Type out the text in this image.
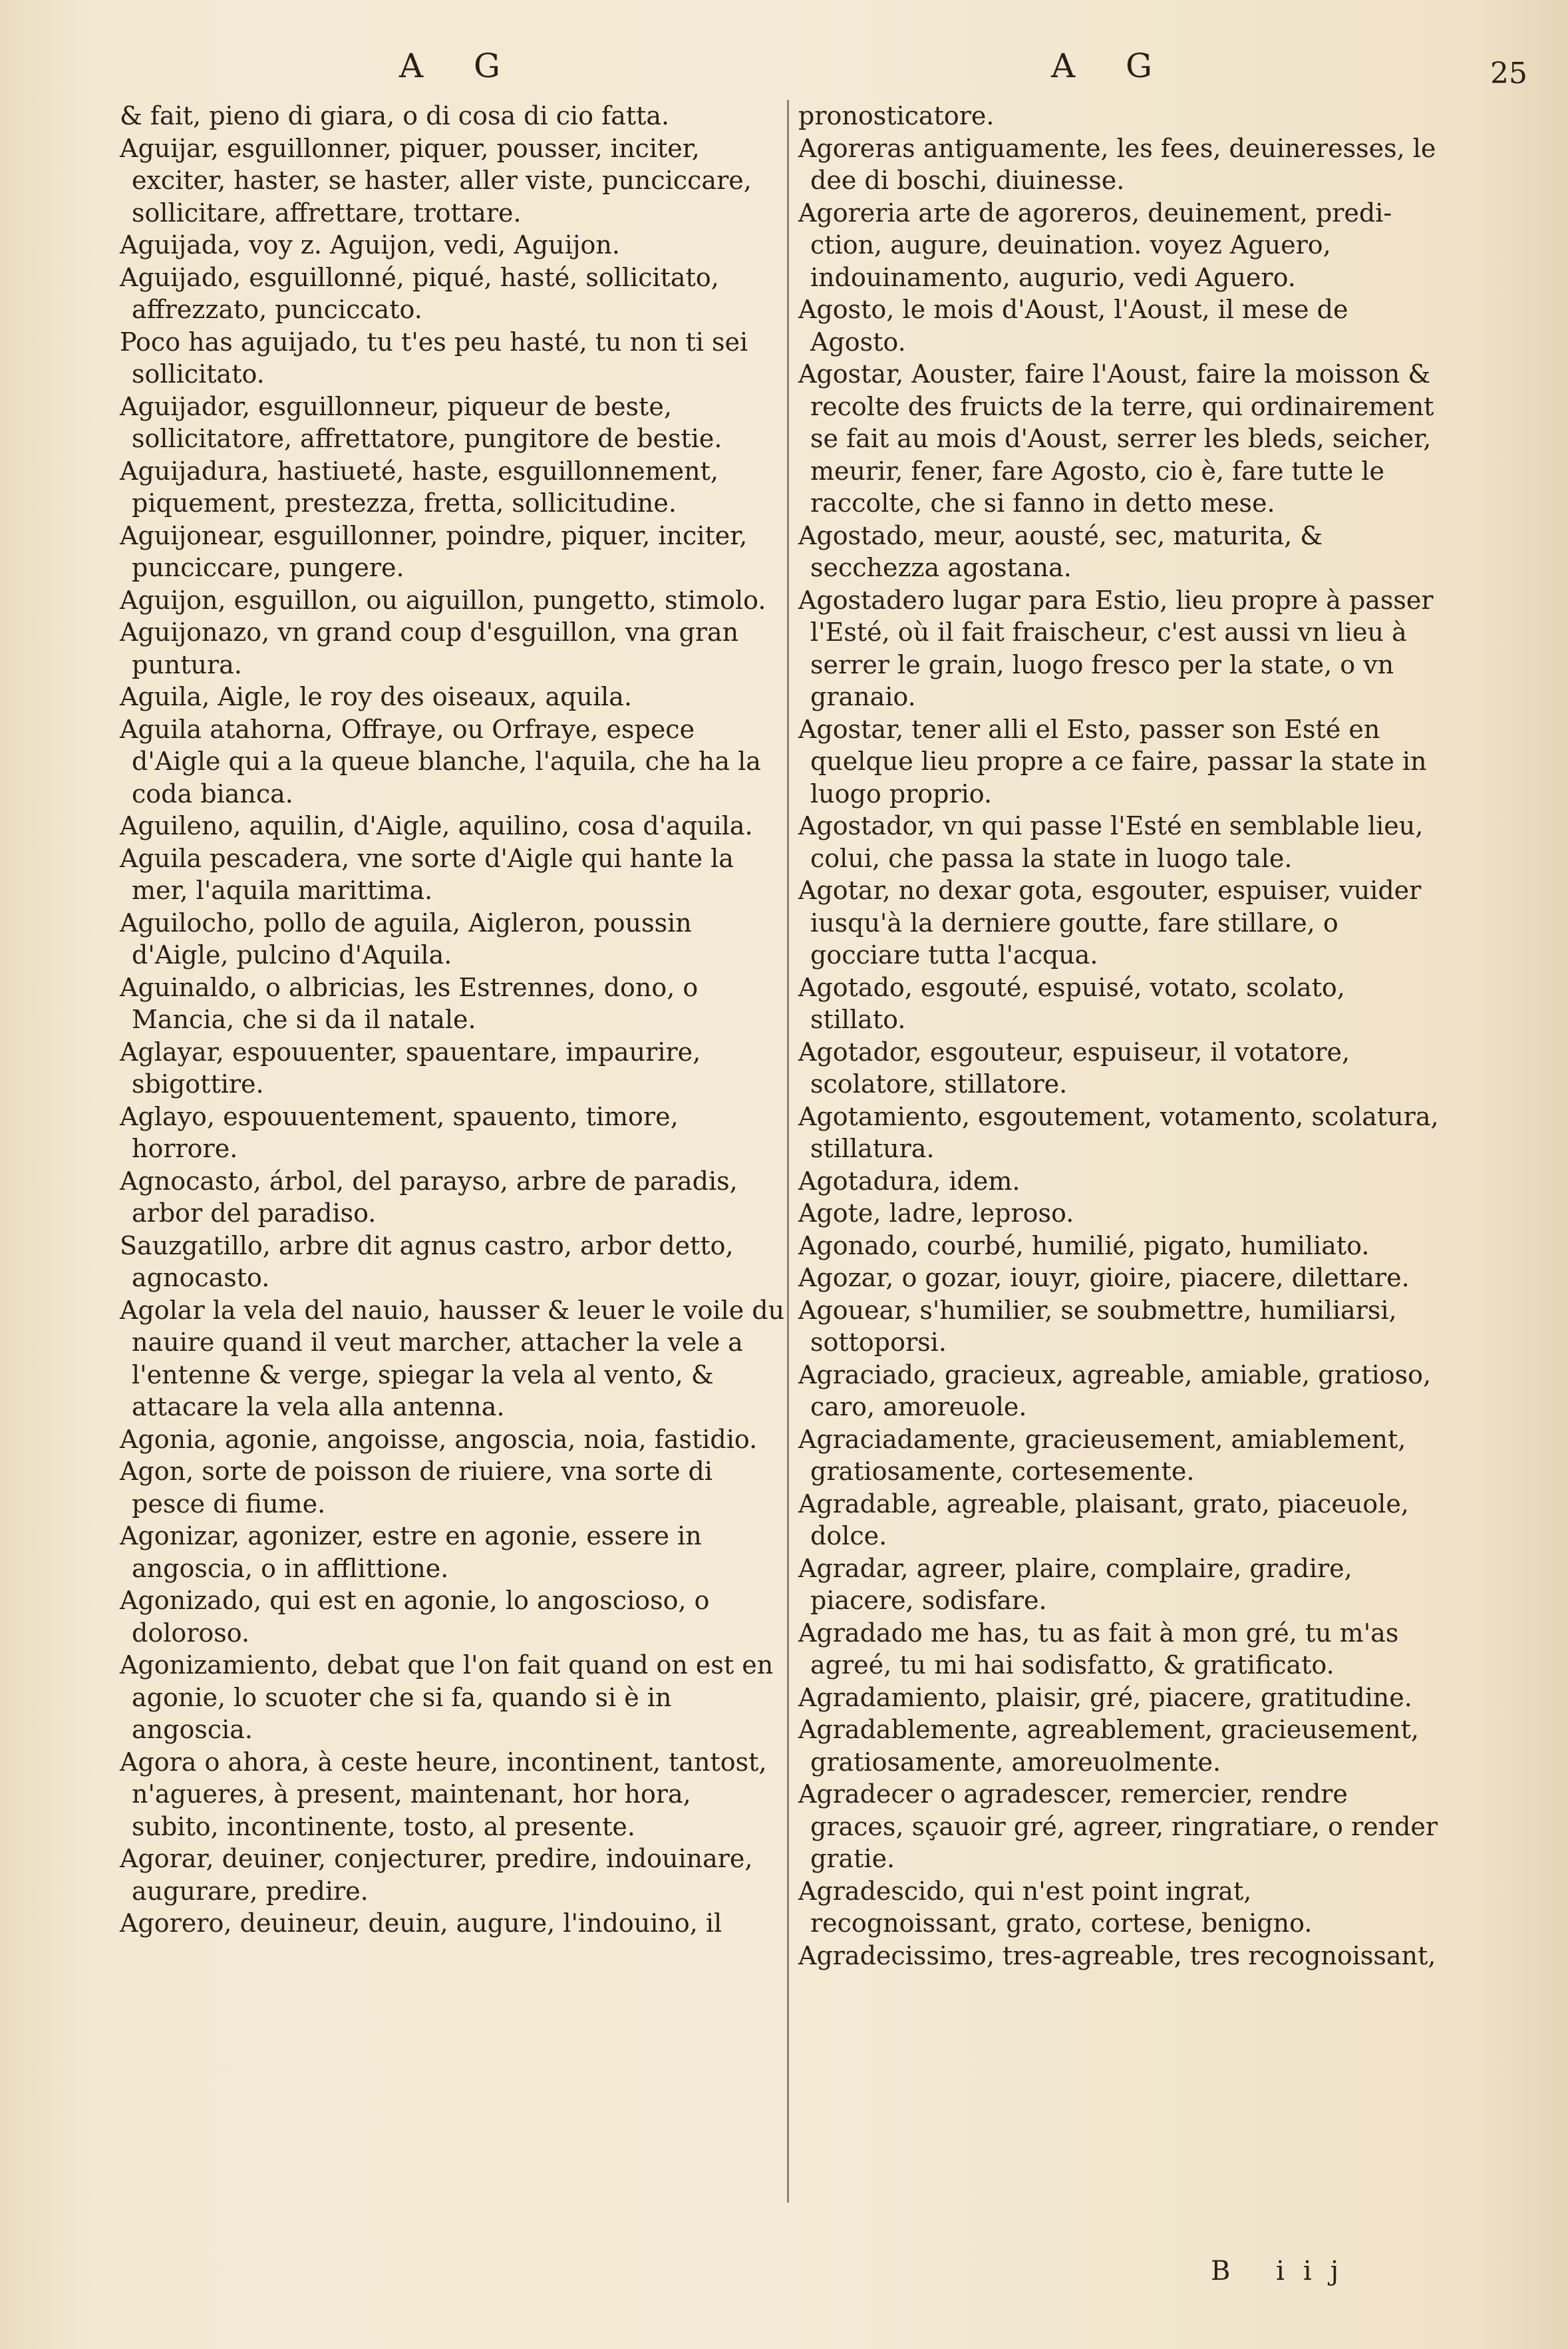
A G	A G	25

& fait, pieno di giara, o di cosa di cio fatta.

Aguijar, esguillonner, piquer, pousser, inciter, exciter, haster, se haster, aller viste, punciccare, sollicitare, affrettare, trottare.

Aguijada, voy z. Aguijon, vedi, Aguijon.

Aguijado, esguillonné, piqué, hasté, sollicitato, affrezzato, punciccato.

Poco has aguijado, tu t'es peu hasté, tu non ti sei sollicitato.

Aguijador, esguillonneur, piqueur de beste, sollicitatore, affrettatore, pungitore de bestie.

Aguijadura, hastiueté, haste, esguillonnement, piquement, prestezza, fretta, sollicitudine.

Aguijonear, esguillonner, poindre, piquer, inciter, punciccare, pungere.

Aguijon, esguillon, ou aiguillon, pungetto, stimolo.

Aguijonazo, vn grand coup d'esguillon, vna gran puntura.

Aguila, Aigle, le roy des oiseaux, aquila.

Aguila atahorna, Offraye, ou Orfraye, espece d'Aigle qui a la queue blanche, l'aquila, che ha la coda bianca.

Aguileno, aquilin, d'Aigle, aquilino, cosa d'aquila.

Aguila pescadera, vne sorte d'Aigle qui hante la mer, l'aquila marittima.

Aguilocho, pollo de aguila, Aigleron, poussin d'Aigle, pulcino d'Aquila.

Aguinaldo, o albricias, les Estrennes, dono, o Mancia, che si da il natale.

Aglayar, espouuenter, spauentare, impaurire, sbigottire.

Aglayo, espouuentement, spauento, timore, horrore.

Agnocasto, árbol, del parayso, arbre de paradis, arbor del paradiso.

Sauzgatillo, arbre dit agnus castro, arbor detto, agnocasto.

Agolar la vela del nauio, hausser & leuer le voile du nauire quand il veut marcher, attacher la vele a l'entenne & verge, spiegar la vela al vento, & attacare la vela alla antenna.

Agonia, agonie, angoisse, angoscia, noia, fastidio.

Agon, sorte de poisson de riuiere, vna sorte di pesce di fiume.

Agonizar, agonizer, estre en agonie, essere in angoscia, o in afflittione.

Agonizado, qui est en agonie, lo angoscioso, o doloroso.

Agonizamiento, debat que l'on fait quand on est en agonie, lo scuoter che si fa, quando si è in angoscia.

Agora o ahora, à ceste heure, incontinent, tantost, n'agueres, à present, maintenant, hor hora, subito, incontinente, tosto, al presente.

Agorar, deuiner, conjecturer, predire, indouinare, augurare, predire.

Agorero, deuineur, deuin, augure, l'indouino, il

pronosticatore.

Agoreras antiguamente, les fees, deuineresses, le dee di boschi, diuinesse.

Agoreria arte de agoreros, deuinement, predi-ction, augure, deuination. voyez Aguero, indouinamento, augurio, vedi Aguero.

Agosto, le mois d'Aoust, l'Aoust, il mese de Agosto.

Agostar, Aouster, faire l'Aoust, faire la moisson & recolte des fruicts de la terre, qui ordinairement se fait au mois d'Aoust, serrer les bleds, seicher, meurir, fener, fare Agosto, cio è, fare tutte le raccolte, che si fanno in detto mese.

Agostado, meur, aousté, sec, maturita, & secchezza agostana.

Agostadero lugar para Estio, lieu propre à passer l'Esté, où il fait fraischeur, c'est aussi vn lieu à serrer le grain, luogo fresco per la state, o vn granaio.

Agostar, tener alli el Esto, passer son Esté en quelque lieu propre a ce faire, passar la state in luogo proprio.

Agostador, vn qui passe l'Esté en semblable lieu, colui, che passa la state in luogo tale.

Agotar, no dexar gota, esgouter, espuiser, vuider iusqu'à la derniere goutte, fare stillare, o gocciare tutta l'acqua.

Agotado, esgouté, espuisé, votato, scolato, stillato.

Agotador, esgouteur, espuiseur, il votatore, scolatore, stillatore.

Agotamiento, esgoutement, votamento, scolatura, stillatura.

Agotadura, idem.

Agote, ladre, leproso.

Agonado, courbé, humilié, pigato, humiliato.

Agozar, o gozar, iouyr, gioire, piacere, dilettare.

Agouear, s'humilier, se soubmettre, humiliarsi, sottoporsi.

Agraciado, gracieux, agreable, amiable, gratioso, caro, amoreuole.

Agraciadamente, gracieusement, amiablement, gratiosamente, cortesemente.

Agradable, agreable, plaisant, grato, piaceuole, dolce.

Agradar, agreer, plaire, complaire, gradire, piacere, sodisfare.

Agradado me has, tu as fait à mon gré, tu m'as agreé, tu mi hai sodisfatto, & gratificato.

Agradamiento, plaisir, gré, piacere, gratitudine.

Agradablemente, agreablement, gracieusement, gratiosamente, amoreuolmente.

Agradecer o agradescer, remercier, rendre graces, sçauoir gré, agreer, ringratiare, o render gratie.

Agradescido, qui n'est point ingrat, recognoissant, grato, cortese, benigno.

Agradecissimo, tres-agreable, tres recognoissant,

B iij
